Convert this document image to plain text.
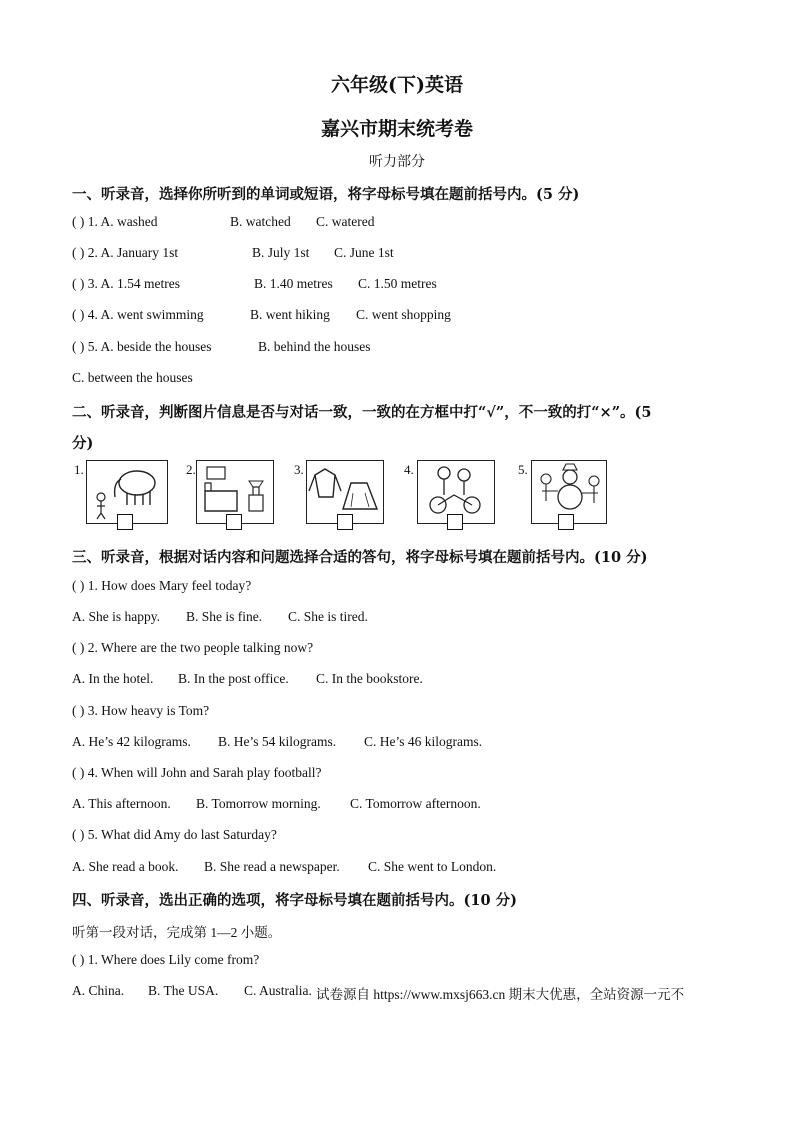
六年级(下)英语
嘉兴市期末统考卷
听力部分
一、听录音，选择你所听到的单词或短语，将字母标号填在题前括号内。(5 分)
( ) 1. A. washed	B. watched C. watered
( ) 2. A. January 1st	B. July 1st C. June 1st
( ) 3. A. 1.54 metres	B. 1.40 metres C. 1.50 metres
( ) 4. A. went swimming	B. went hiking C. went shopping
( ) 5. A. beside the houses	B. behind the houses
C. between the houses
二、听录音，判断图片信息是否与对话一致，一致的在方框中打“√”，不一致的打“×”。(5
分)
1.	2.	3.	4.	5.
三、听录音，根据对话内容和问题选择合适的答句，将字母标号填在题前括号内。(10 分)
( ) 1. How does Mary feel today?
A. She is happy. B. She is fine. C. She is tired.
( ) 2. Where are the two people talking now?
A. In the hotel. B. In the post office. C. In the bookstore.
( ) 3. How heavy is Tom?
A. He’s 42 kilograms. B. He’s 54 kilograms. C. He’s 46 kilograms.
( ) 4. When will John and Sarah play football?
A. This afternoon. B. Tomorrow morning. C. Tomorrow afternoon.
( ) 5. What did Amy do last Saturday?
A. She read a book. B. She read a newspaper. C. She went to London.
四、听录音，选出正确的选项，将字母标号填在题前括号内。(10 分)
听第一段对话，完成第 1—2 小题。
( ) 1. Where does Lily come from?
A. China. B. The USA. C. Australia. 试卷源自 https://www.mxsj663.cn 期末大优惠，全站资源一元不
